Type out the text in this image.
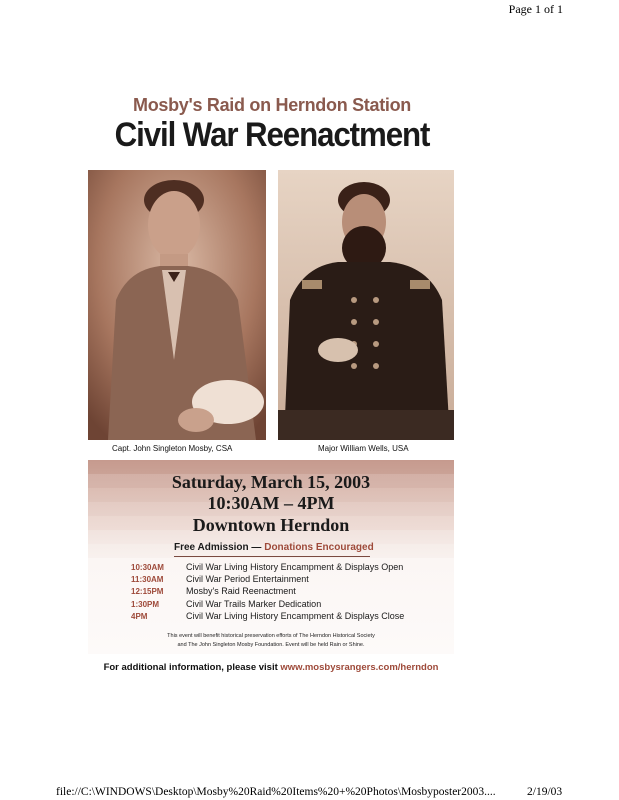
Page 1 of 1
Mosby's Raid on Herndon Station
Civil War Reenactment
Capt. John Singleton Mosby, CSA	Major William Wells, USA
Saturday, March 15, 2003
10:30AM – 4PM
Downtown Herndon
Free Admission — Donations Encouraged
10:30AM Civil War Living History Encampment & Displays Open
11:30AM	Civil War Period Entertainment
12:15PM	Mosby's Raid Reenactment
1:30PM	Civil War Trails Marker Dedication
4PM	Civil War Living History Encampment & Displays Close
This event will benefit historical preservation efforts of The Herndon Historical Society
and The John Singleton Mosby Foundation. Event will be held Rain or Shine.
For additional information, please visit www.mosbysrangers.com/herndon
file://C:\WINDOWS\Desktop\Mosby%20Raid%20Items%20+%20Photos\Mosbyposter2003....	2/19/03
